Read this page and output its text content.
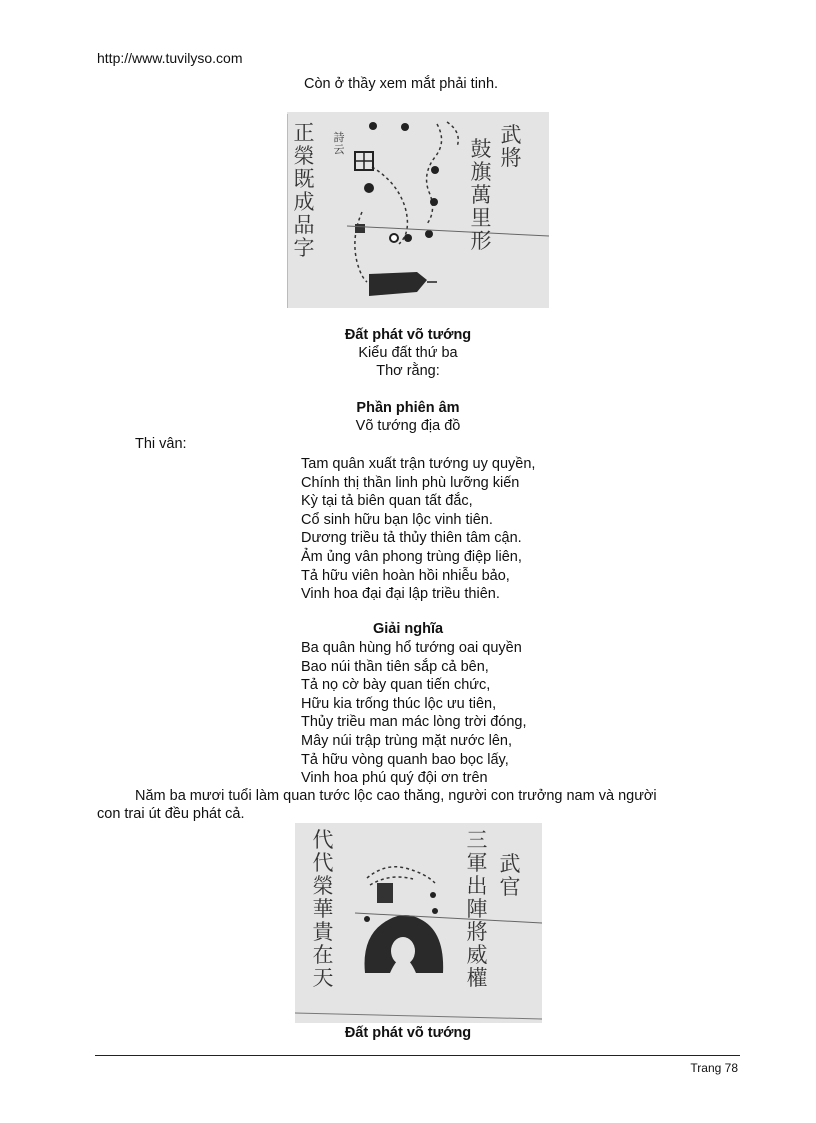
http://www.tuvilyso.com
Còn ở thầy xem mắt phải tinh.
正榮既成品字
武將
鼓旗萬里形
詩云
Đất phát võ tướng
Kiểu đất thứ ba
Thơ rằng:
Phần phiên âm
Võ tướng địa đồ
Thi vân:
Tam quân xuất trận tướng uy quyền,
Chính thị thần linh phù lưỡng kiến
Kỳ tại tả biên quan tất đắc,
Cổ sinh hữu bạn lộc vinh tiên.
Dương triều tả thủy thiên tâm cận.
Ảm ủng vân phong trùng điệp liên,
Tả hữu viên hoàn hồi nhiễu bảo,
Vinh hoa đại đại lập triều thiên.
Giải nghĩa
Ba quân hùng hổ tướng oai quyền
Bao núi thần tiên sắp cả bên,
Tả nọ cờ bày quan tiến chức,
Hữu kia trống thúc lộc ưu tiên,
Thủy triều man mác lòng trời đóng,
Mây núi trập trùng mặt nước lên,
Tả hữu vòng quanh bao bọc lấy,
Vinh hoa phú quý đội ơn trên
Năm ba mươi tuổi làm quan tước lộc cao thăng, người con trưởng nam và người
con trai út đều phát cả.
代代榮華貴在天
武官
三軍出陣將威權
Đất phát võ tướng
Trang 78
